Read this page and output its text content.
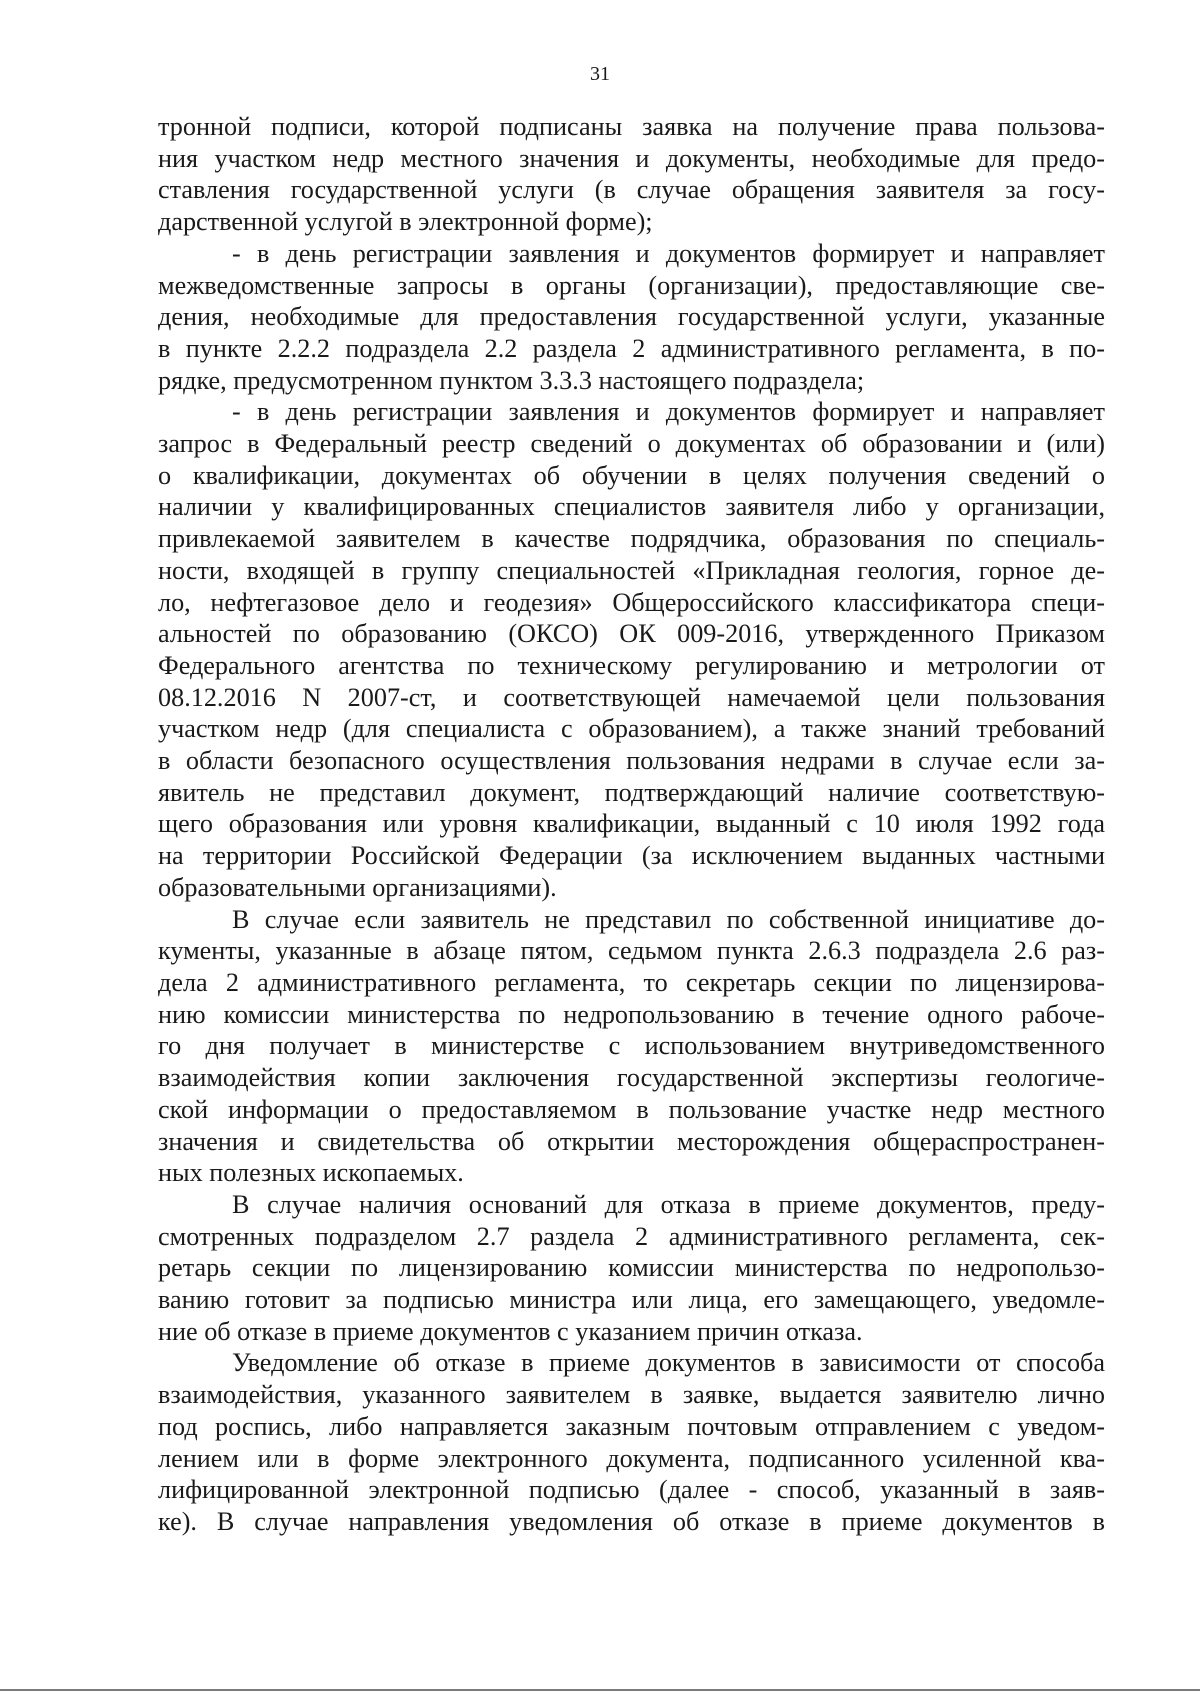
31

тронной подписи, которой подписаны заявка на получение права пользова-

ния участком недр местного значения и документы, необходимые для предо-

ставления государственной услуги (в случае обращения заявителя за госу-

дарственной услугой в электронной форме);

- в день регистрации заявления и документов формирует и направляет

межведомственные запросы в органы (организации), предоставляющие све-

дения, необходимые для предоставления государственной услуги, указанные

в пункте 2.2.2 подраздела 2.2 раздела 2 административного регламента, в по-

рядке, предусмотренном пунктом 3.3.3 настоящего подраздела;

- в день регистрации заявления и документов формирует и направляет

запрос в Федеральный реестр сведений о документах об образовании и (или)

о квалификации, документах об обучении в целях получения сведений о

наличии у квалифицированных специалистов заявителя либо у организации,

привлекаемой заявителем в качестве подрядчика, образования по специаль-

ности, входящей в группу специальностей «Прикладная геология, горное де-

ло, нефтегазовое дело и геодезия» Общероссийского классификатора специ-

альностей по образованию (ОКСО) ОК 009-2016, утвержденного Приказом

Федерального агентства по техническому регулированию и метрологии от

08.12.2016 N 2007-ст, и соответствующей намечаемой цели пользования

участком недр (для специалиста с образованием), а также знаний требований

в области безопасного осуществления пользования недрами в случае если за-

явитель не представил документ, подтверждающий наличие соответствую-

щего образования или уровня квалификации, выданный с 10 июля 1992 года

на территории Российской Федерации (за исключением выданных частными

образовательными организациями).

В случае если заявитель не представил по собственной инициативе до-

кументы, указанные в абзаце пятом, седьмом пункта 2.6.3 подраздела 2.6 раз-

дела 2 административного регламента, то секретарь секции по лицензирова-

нию комиссии министерства по недропользованию в течение одного рабоче-

го дня получает в министерстве с использованием внутриведомственного

взаимодействия копии заключения государственной экспертизы геологиче-

ской информации о предоставляемом в пользование участке недр местного

значения и свидетельства об открытии месторождения общераспространен-

ных полезных ископаемых.

В случае наличия оснований для отказа в приеме документов, преду-

смотренных подразделом 2.7 раздела 2 административного регламента, сек-

ретарь секции по лицензированию комиссии министерства по недропользо-

ванию готовит за подписью министра или лица, его замещающего, уведомле-

ние об отказе в приеме документов с указанием причин отказа.

Уведомление об отказе в приеме документов в зависимости от способа

взаимодействия, указанного заявителем в заявке, выдается заявителю лично

под роспись, либо направляется заказным почтовым отправлением с уведом-

лением или в форме электронного документа, подписанного усиленной ква-

лифицированной электронной подписью (далее - способ, указанный в заяв-

ке). В случае направления уведомления об отказе в приеме документов в
